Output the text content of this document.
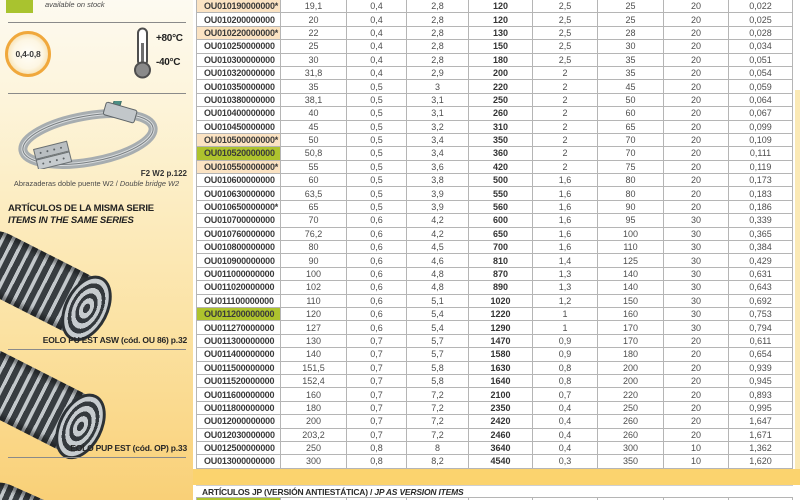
available on stock
0,4-0,8
+80°C
-40°C
F2 W2 p.122
Abrazaderas doble puente W2 / Double bridge W2
ARTÍCULOS DE LA MISMA SERIE
ITEMS IN THE SAME SERIES
EOLO PU EST ASW (cód. OU 86) p.32
EOLO PUP EST (cód. OP) p.33
OU010190000000*	19,1	0,4	2,8	120	2,5	25	20	0,022
OU010200000000	20	0,4	2,8	120	2,5	25	20	0,025
OU010220000000*	22	0,4	2,8	130	2,5	28	20	0,028
OU010250000000	25	0,4	2,8	150	2,5	30	20	0,034
OU010300000000	30	0,4	2,8	180	2,5	35	20	0,051
OU010320000000	31,8	0,4	2,9	200	2	35	20	0,054
OU010350000000	35	0,5	3	220	2	45	20	0,059
OU010380000000	38,1	0,5	3,1	250	2	50	20	0,064
OU010400000000	40	0,5	3,1	260	2	60	20	0,067
OU010450000000	45	0,5	3,2	310	2	65	20	0,099
OU010500000000*	50	0,5	3,4	350	2	70	20	0,109
OU010520000000	50,8	0,5	3,4	360	2	70	20	0,111
OU010550000000*	55	0,5	3,6	420	2	75	20	0,119
OU010600000000	60	0,5	3,8	500	1,6	80	20	0,173
OU010630000000	63,5	0,5	3,9	550	1,6	80	20	0,183
OU010650000000*	65	0,5	3,9	560	1,6	90	20	0,186
OU010700000000	70	0,6	4,2	600	1,6	95	30	0,339
OU010760000000	76,2	0,6	4,2	650	1,6	100	30	0,365
OU010800000000	80	0,6	4,5	700	1,6	110	30	0,384
OU010900000000	90	0,6	4,6	810	1,4	125	30	0,429
OU011000000000	100	0,6	4,8	870	1,3	140	30	0,631
OU011020000000	102	0,6	4,8	890	1,3	140	30	0,643
OU011100000000	110	0,6	5,1	1020	1,2	150	30	0,692
OU011200000000	120	0,6	5,4	1220	1	160	30	0,753
OU011270000000	127	0,6	5,4	1290	1	170	30	0,794
OU011300000000	130	0,7	5,7	1470	0,9	170	20	0,611
OU011400000000	140	0,7	5,7	1580	0,9	180	20	0,654
OU011500000000	151,5	0,7	5,8	1630	0,8	200	20	0,939
OU011520000000	152,4	0,7	5,8	1640	0,8	200	20	0,945
OU011600000000	160	0,7	7,2	2100	0,7	220	20	0,893
OU011800000000	180	0,7	7,2	2350	0,4	250	20	0,995
OU012000000000	200	0,7	7,2	2420	0,4	260	20	1,647
OU012030000000	203,2	0,7	7,2	2460	0,4	260	20	1,671
OU012500000000	250	0,8	8	3640	0,4	300	10	1,362
OU013000000000	300	0,8	8,2	4540	0,3	350	10	1,620
ARTÍCULOS JP (VERSIÓN ANTIESTÁTICA) / JP AS VERSION ITEMS
